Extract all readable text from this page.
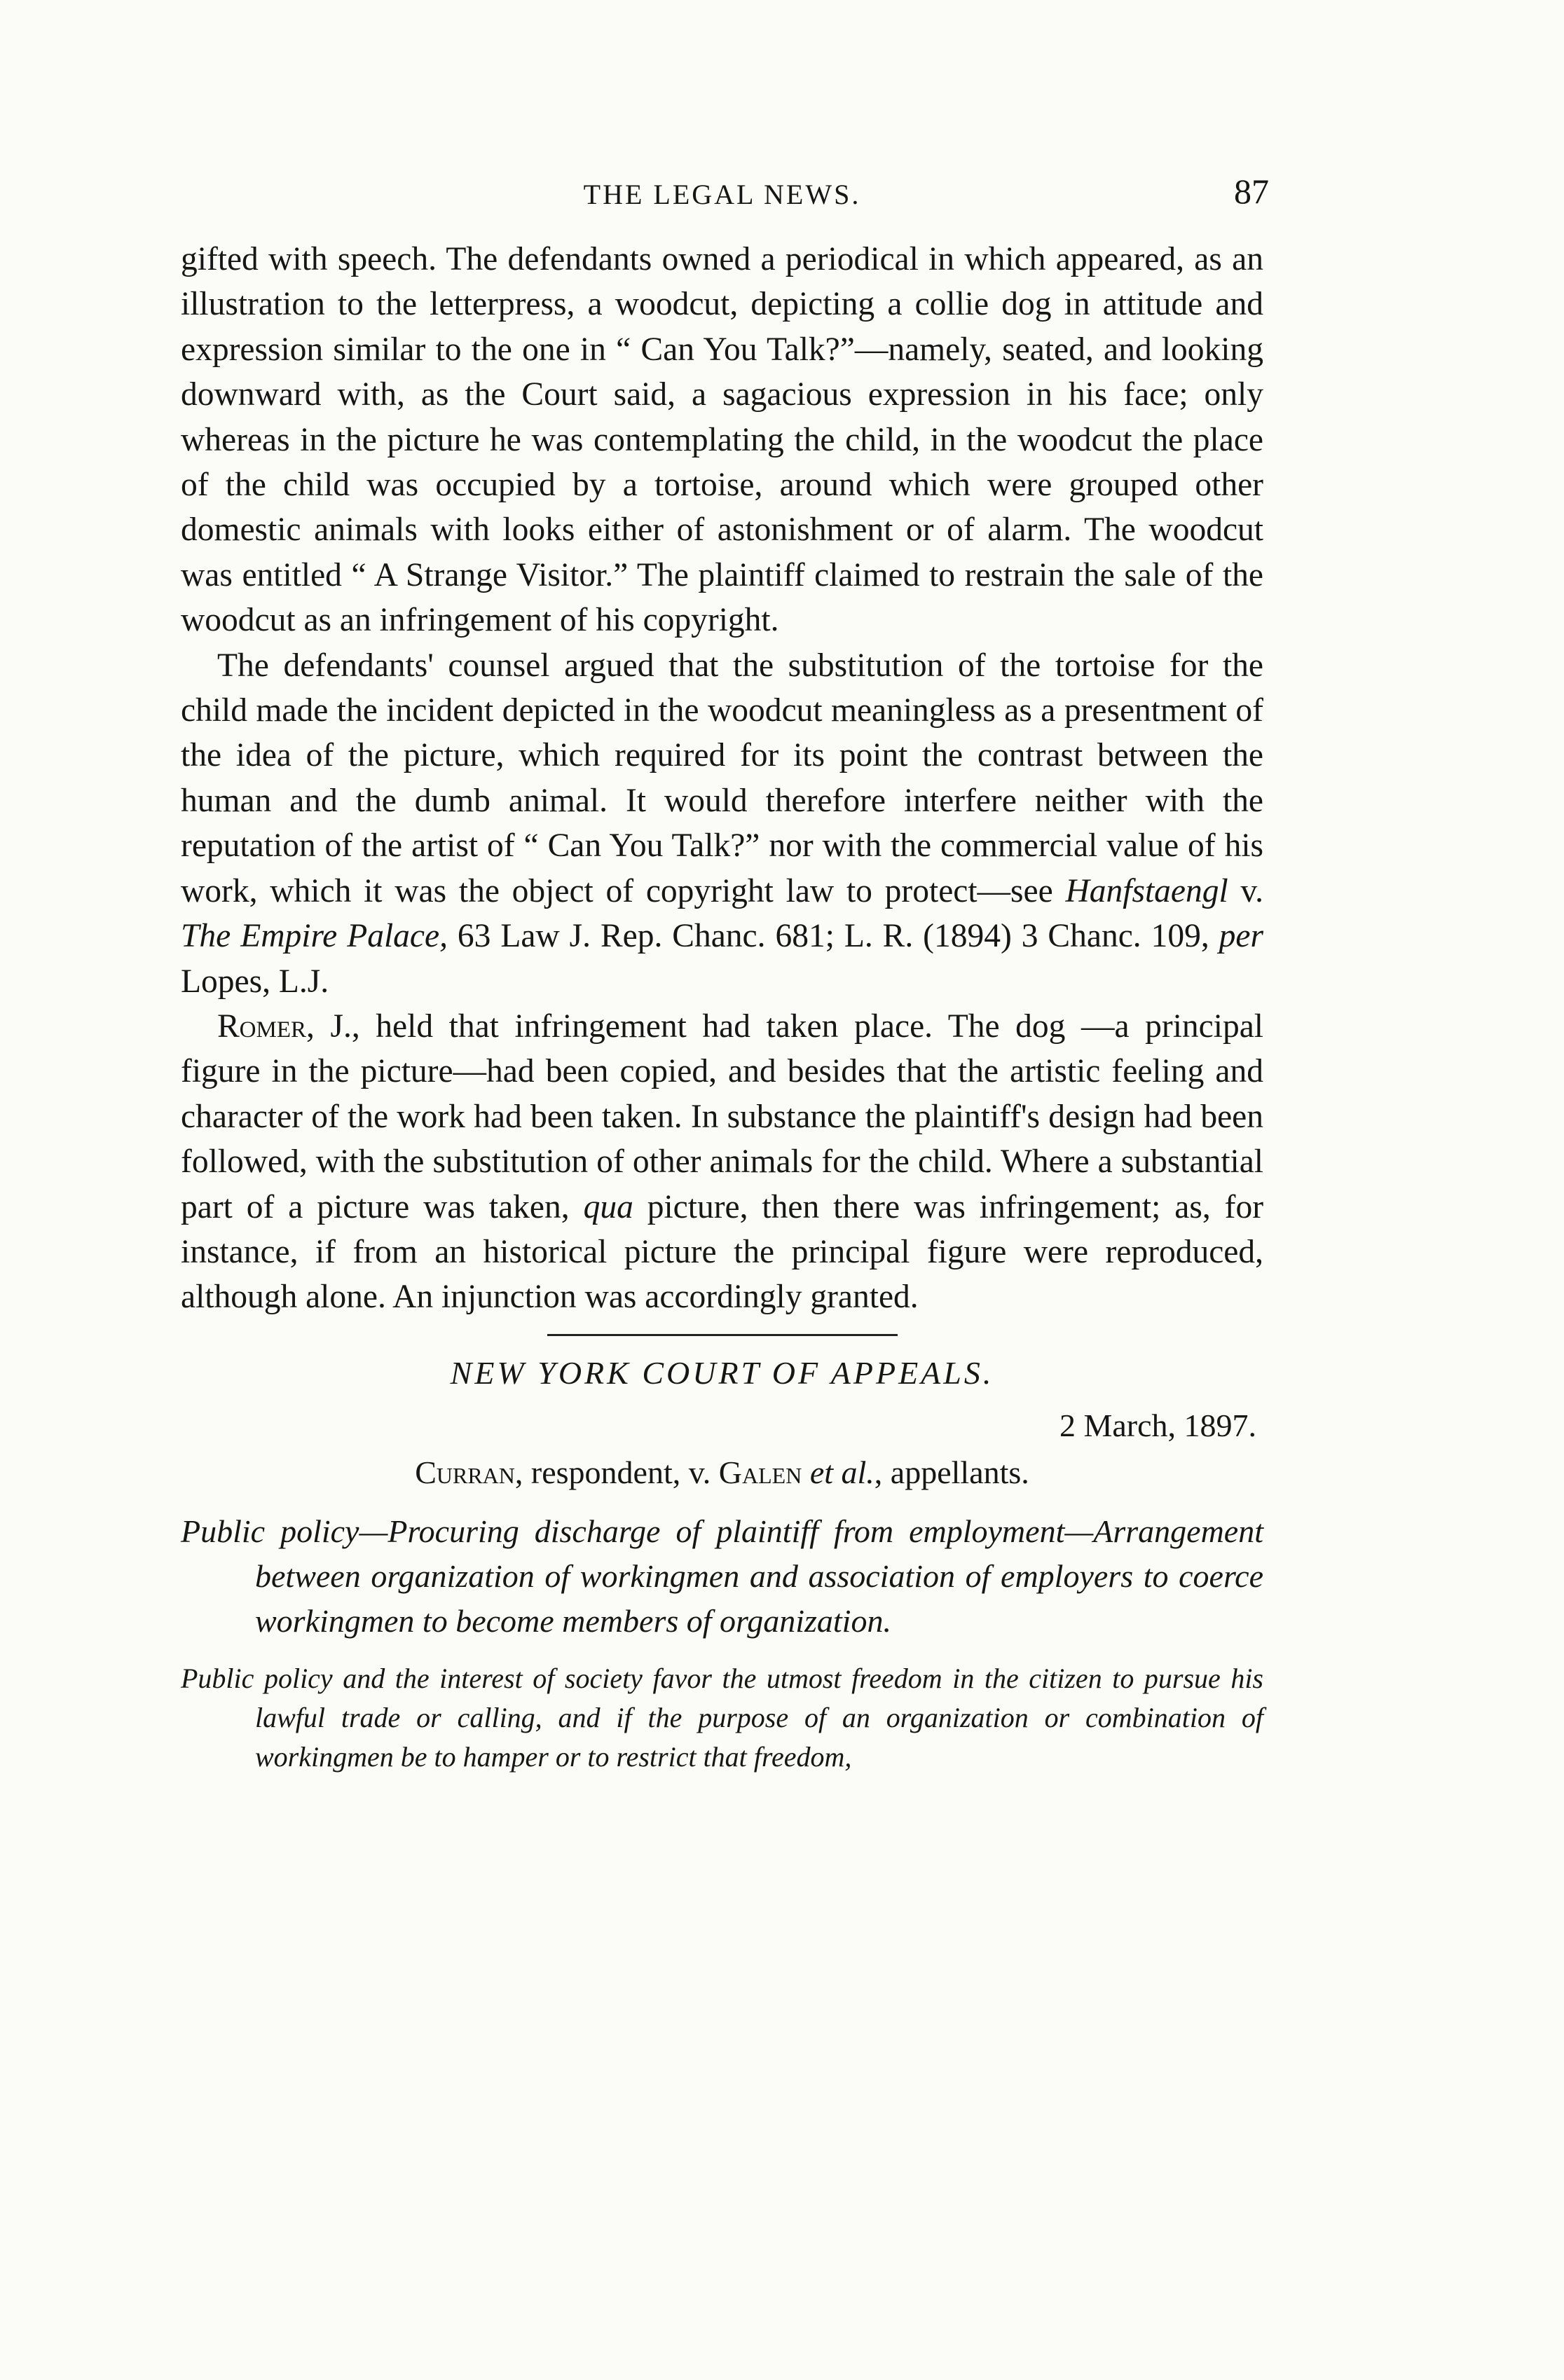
THE LEGAL NEWS.	87

gifted with speech. The defendants owned a periodical in which appeared, as an illustration to the letterpress, a woodcut, depicting a collie dog in attitude and expression similar to the one in “ Can You Talk?”—namely, seated, and looking downward with, as the Court said, a sagacious expression in his face; only whereas in the picture he was contemplating the child, in the woodcut the place of the child was occupied by a tortoise, around which were grouped other domestic animals with looks either of astonishment or of alarm. The woodcut was entitled “ A Strange Visitor.” The plaintiff claimed to restrain the sale of the woodcut as an infringement of his copyright.

The defendants' counsel argued that the substitution of the tortoise for the child made the incident depicted in the woodcut meaningless as a presentment of the idea of the picture, which required for its point the contrast between the human and the dumb animal. It would therefore interfere neither with the reputation of the artist of “ Can You Talk?” nor with the commercial value of his work, which it was the object of copyright law to protect—see Hanfstaengl v. The Empire Palace, 63 Law J. Rep. Chanc. 681; L. R. (1894) 3 Chanc. 109, per Lopes, L.J.

Romer, J., held that infringement had taken place. The dog —a principal figure in the picture—had been copied, and besides that the artistic feeling and character of the work had been taken. In substance the plaintiff's design had been followed, with the substitution of other animals for the child. Where a substantial part of a picture was taken, qua picture, then there was infringement; as, for instance, if from an historical picture the principal figure were reproduced, although alone. An injunction was accordingly granted.

NEW YORK COURT OF APPEALS.
2 March, 1897.
Curran, respondent, v. Galen et al., appellants.

Public policy—Procuring discharge of plaintiff from employment—Arrangement between organization of workingmen and association of employers to coerce workingmen to become members of organization.

Public policy and the interest of society favor the utmost freedom in the citizen to pursue his lawful trade or calling, and if the purpose of an organization or combination of workingmen be to hamper or to restrict that freedom,
